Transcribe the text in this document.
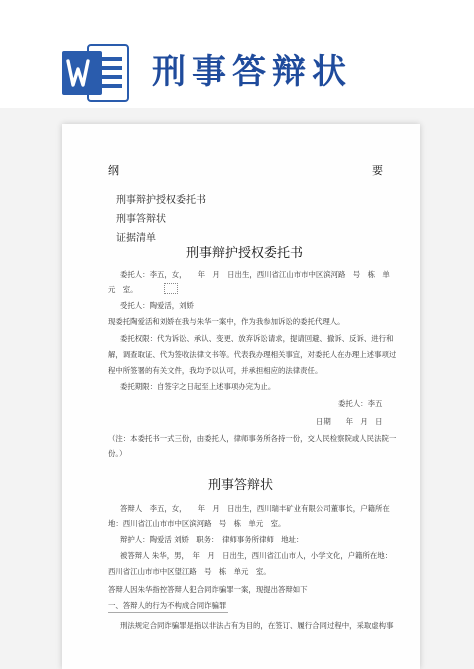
刑事答辩状
纲	要
刑事辩护授权委托书
刑事答辩状
证据清单
刑事辩护授权委托书
委托人：李五，女，　　年　月　日出生，西川省江山市市中区滨河路　号　栋　单
元　室。
受托人：陶爱活，刘娇
现委托陶爱活和刘娇在我与朱华一案中，作为我参加诉讼的委托代理人。
委托权限：代为诉讼、承认、变更、放弃诉讼请求，提请回避、撤诉、反诉、进行和
解，调查取证、代为签收法律文书等。代表我办理相关事宜，对委托人在办理上述事项过
程中所签署的有关文件，我均予以认可，并承担相应的法律责任。
委托期限：自签字之日起至上述事项办完为止。
委托人：李五
日期　　年　月　日
（注：本委托书一式三份，由委托人，律师事务所各持一份，交人民检察院或人民法院一
份。）
刑事答辩状
答辩人　李五，女，　　年　月　日出生，西川瑞丰矿业有限公司董事长，户籍所在
地：西川省江山市市中区滨河路　号　栋　单元　室。
辩护人：陶爱活 刘娇　职务：　律师事务所律师　地址：
被答辩人 朱华，男，　年　月　日出生，西川省江山市人，小学文化，户籍所在地：
西川省江山市市中区望江路　号　栋　单元　室。
答辩人因朱华指控答辩人犯合同诈骗罪一案，现提出答辩如下
一、答辩人的行为不构成合同诈骗罪
刑法规定合同诈骗罪是指以非法占有为目的，在签订、履行合同过程中，采取虚构事
